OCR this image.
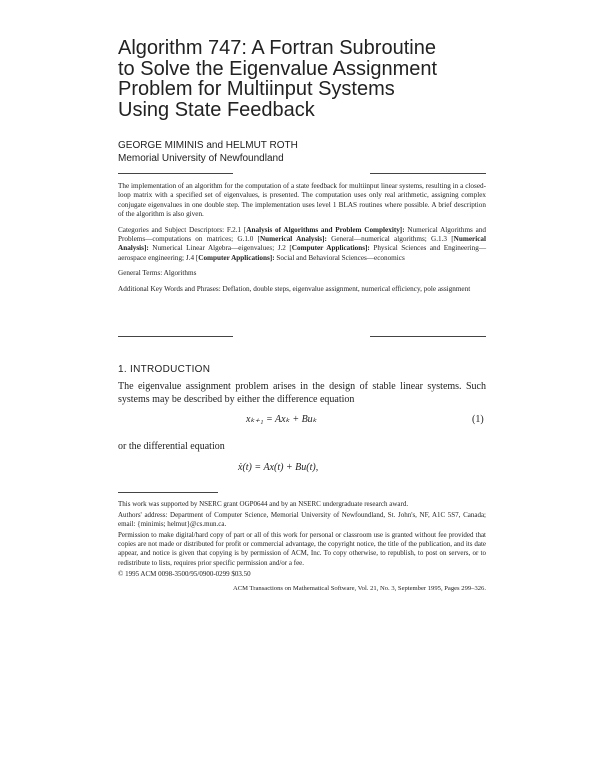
Algorithm 747: A Fortran Subroutine
to Solve the Eigenvalue Assignment
Problem for Multiinput Systems
Using State Feedback
GEORGE MIMINIS and HELMUT ROTH
Memorial University of Newfoundland

The implementation of an algorithm for the computation of a state feedback for multiinput linear systems, resulting in a closed-loop matrix with a specified set of eigenvalues, is presented. The computation uses only real arithmetic, assigning complex conjugate eigenvalues in one double step. The implementation uses level 1 BLAS routines where possible. A brief description of the algorithm is also given.

Categories and Subject Descriptors: F.2.1 [Analysis of Algorithms and Problem Complexity]: Numerical Algorithms and Problems—computations on matrices; G.1.0 [Numerical Analysis]: General—numerical algorithms; G.1.3 [Numerical Analysis]: Numerical Linear Algebra—eigenvalues; J.2 [Computer Applications]: Physical Sciences and Engineering—aerospace engineering; J.4 [Computer Applications]: Social and Behavioral Sciences—economics

General Terms: Algorithms

Additional Key Words and Phrases: Deflation, double steps, eigenvalue assignment, numerical efficiency, pole assignment

1. INTRODUCTION
The eigenvalue assignment problem arises in the design of stable linear systems. Such systems may be described by either the difference equation
xₖ₊₁ = Axₖ + Buₖ	(1)
or the differential equation
ẋ(t) = Ax(t) + Bu(t),

This work was supported by NSERC grant OGP0644 and by an NSERC undergraduate research award.

Authors' address: Department of Computer Science, Memorial University of Newfoundland, St. John's, NF, A1C 5S7, Canada; email: {minimis; helmut}@cs.mun.ca.

Permission to make digital/hard copy of part or all of this work for personal or classroom use is granted without fee provided that copies are not made or distributed for profit or commercial advantage, the copyright notice, the title of the publication, and its date appear, and notice is given that copying is by permission of ACM, Inc. To copy otherwise, to republish, to post on servers, or to redistribute to lists, requires prior specific permission and/or a fee.

© 1995 ACM 0098-3500/95/0900-0299 $03.50

ACM Transactions on Mathematical Software, Vol. 21, No. 3, September 1995, Pages 299–326.
